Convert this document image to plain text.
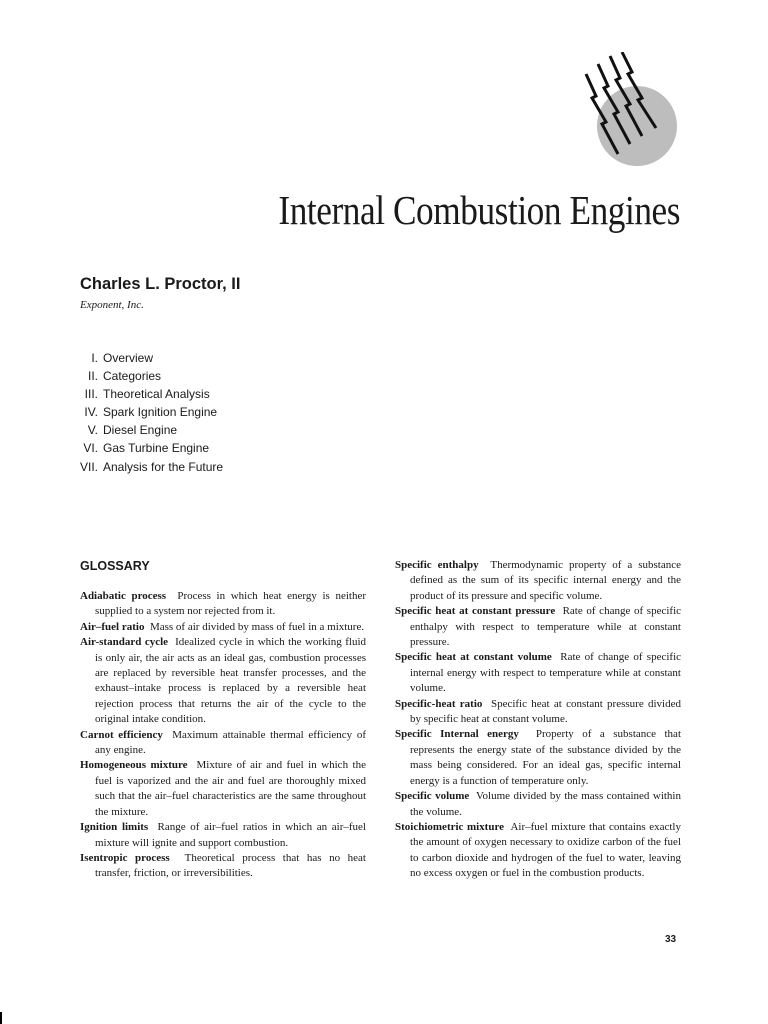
Internal Combustion Engines
Charles L. Proctor, II
Exponent, Inc.
I. Overview
II. Categories
III. Theoretical Analysis
IV. Spark Ignition Engine
V. Diesel Engine
VI. Gas Turbine Engine
VII. Analysis for the Future
GLOSSARY

Adiabatic process Process in which heat energy is neither supplied to a system nor rejected from it.

Air–fuel ratio Mass of air divided by mass of fuel in a mixture.

Air-standard cycle Idealized cycle in which the working fluid is only air, the air acts as an ideal gas, combustion processes are replaced by reversible heat transfer processes, and the exhaust–intake process is replaced by a reversible heat rejection process that returns the air of the cycle to the original intake condition.

Carnot efficiency Maximum attainable thermal efficiency of any engine.

Homogeneous mixture Mixture of air and fuel in which the fuel is vaporized and the air and fuel are thoroughly mixed such that the air–fuel characteristics are the same throughout the mixture.

Ignition limits Range of air–fuel ratios in which an air–fuel mixture will ignite and support combustion.

Isentropic process Theoretical process that has no heat transfer, friction, or irreversibilities.

Specific enthalpy Thermodynamic property of a substance defined as the sum of its specific internal energy and the product of its pressure and specific volume.

Specific heat at constant pressure Rate of change of specific enthalpy with respect to temperature while at constant pressure.

Specific heat at constant volume Rate of change of specific internal energy with respect to temperature while at constant volume.

Specific-heat ratio Specific heat at constant pressure divided by specific heat at constant volume.

Specific Internal energy Property of a substance that represents the energy state of the substance divided by the mass being considered. For an ideal gas, specific internal energy is a function of temperature only.

Specific volume Volume divided by the mass contained within the volume.

Stoichiometric mixture Air–fuel mixture that contains exactly the amount of oxygen necessary to oxidize carbon of the fuel to carbon dioxide and hydrogen of the fuel to water, leaving no excess oxygen or fuel in the combustion products.

33
